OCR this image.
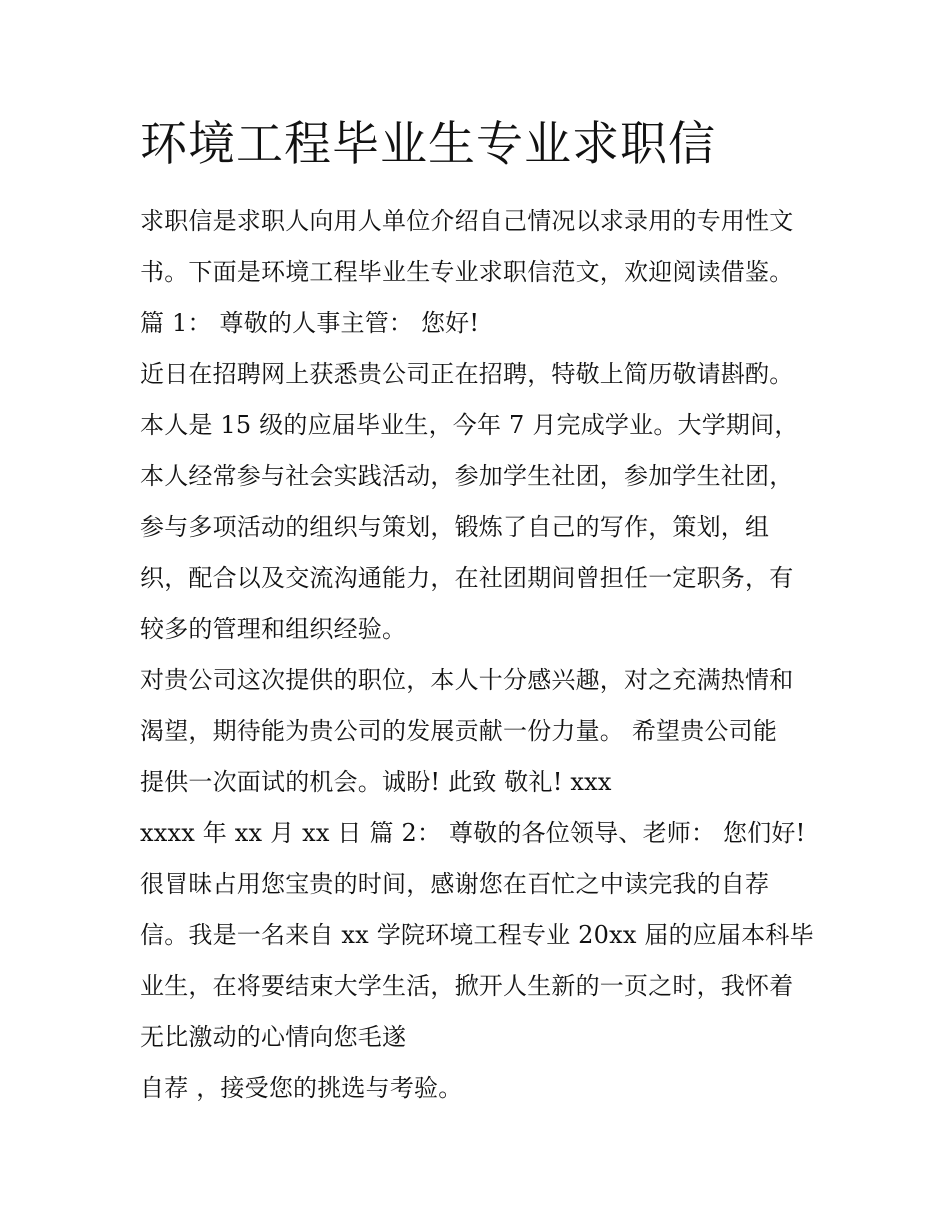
环境工程毕业生专业求职信
求职信是求职人向用人单位介绍自己情况以求录用的专用性文
书。下面是环境工程毕业生专业求职信范文，欢迎阅读借鉴。
篇 1： 尊敬的人事主管： 您好!
近日在招聘网上获悉贵公司正在招聘，特敬上简历敬请斟酌。
本人是 15 级的应届毕业生，今年 7 月完成学业。大学期间，
本人经常参与社会实践活动，参加学生社团，参加学生社团，
参与多项活动的组织与策划，锻炼了自己的写作，策划，组
织，配合以及交流沟通能力，在社团期间曾担任一定职务，有
较多的管理和组织经验。
对贵公司这次提供的职位，本人十分感兴趣，对之充满热情和
渴望，期待能为贵公司的发展贡献一份力量。 希望贵公司能
提供一次面试的机会。诚盼! 此致 敬礼! xxx
xxxx 年 xx 月 xx 日 篇 2： 尊敬的各位领导、老师： 您们好!
很冒昧占用您宝贵的时间，感谢您在百忙之中读完我的自荐
信。我是一名来自 xx 学院环境工程专业 20xx 届的应届本科毕
业生，在将要结束大学生活，掀开人生新的一页之时，我怀着
无比激动的心情向您毛遂
自荐 ，接受您的挑选与考验。
